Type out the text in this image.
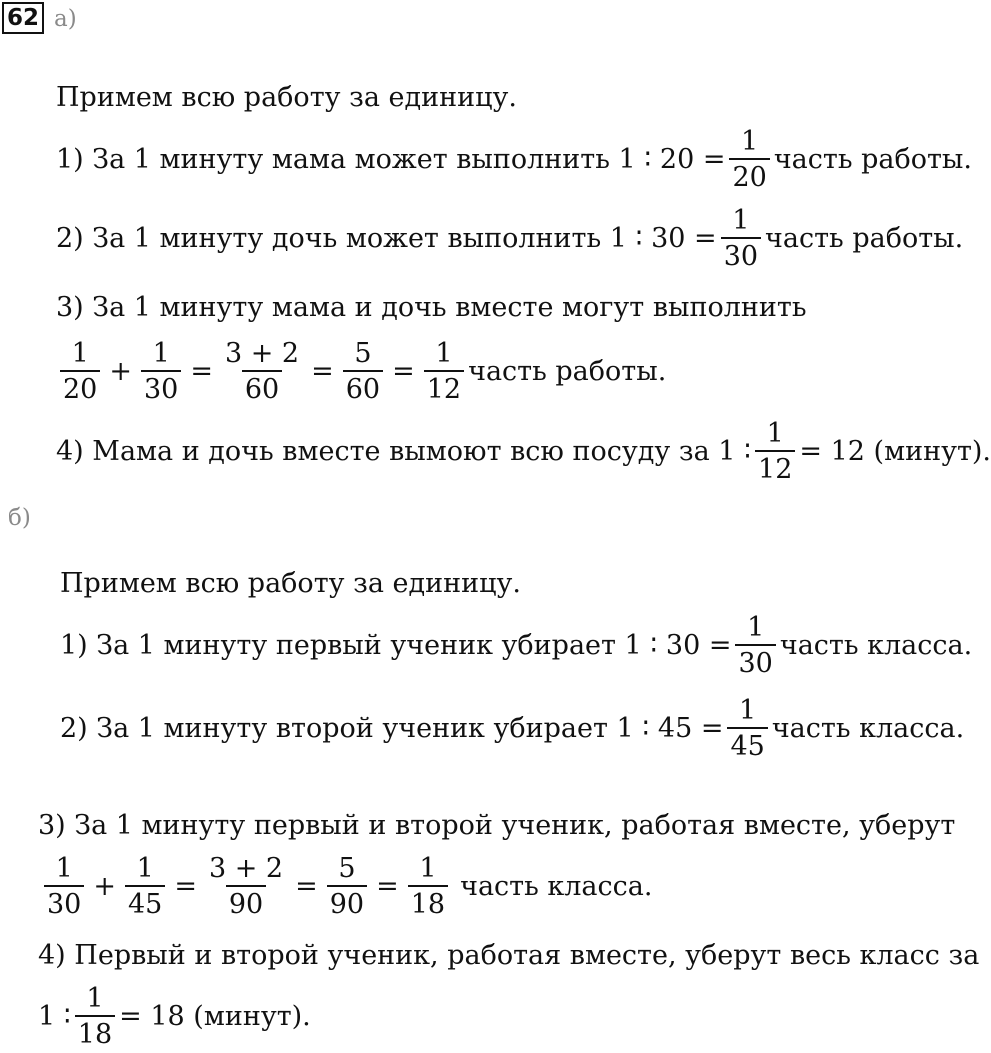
62 а)
Примем всю работу за единицу.
1) За 1 минуту мама может выполнить 1 ∶ $20 = \frac{1}{20}$ часть работы.
2) За 1 минуту дочь может выполнить 1 ∶ $30 = \frac{1}{30}$ часть работы.
3) За 1 минуту мама и дочь вместе могут выполнить
$\frac{1}{20} + \frac{1}{30} = \frac{3 + 2}{60} = \frac{5}{60} = \frac{1}{12}$ часть работы.
4) Мама и дочь вместе вымоют всю посуду за 1 ∶ $\frac{1}{12} = 12$ (минут).
б)
Примем всю работу за единицу.
1) За 1 минуту первый ученик убирает 1 ∶ $30 = \frac{1}{30}$ часть класса.
2) За 1 минуту второй ученик убирает 1 ∶ $45 = \frac{1}{45}$ часть класса.
3) За 1 минуту первый и второй ученик, работая вместе, уберут
$\frac{1}{30} + \frac{1}{45} = \frac{3 + 2}{90} = \frac{5}{90} = \frac{1}{18}$ часть класса.
4) Первый и второй ученик, работая вместе, уберут весь класс за
1 ∶ $\frac{1}{18} = 18$ (минут).
